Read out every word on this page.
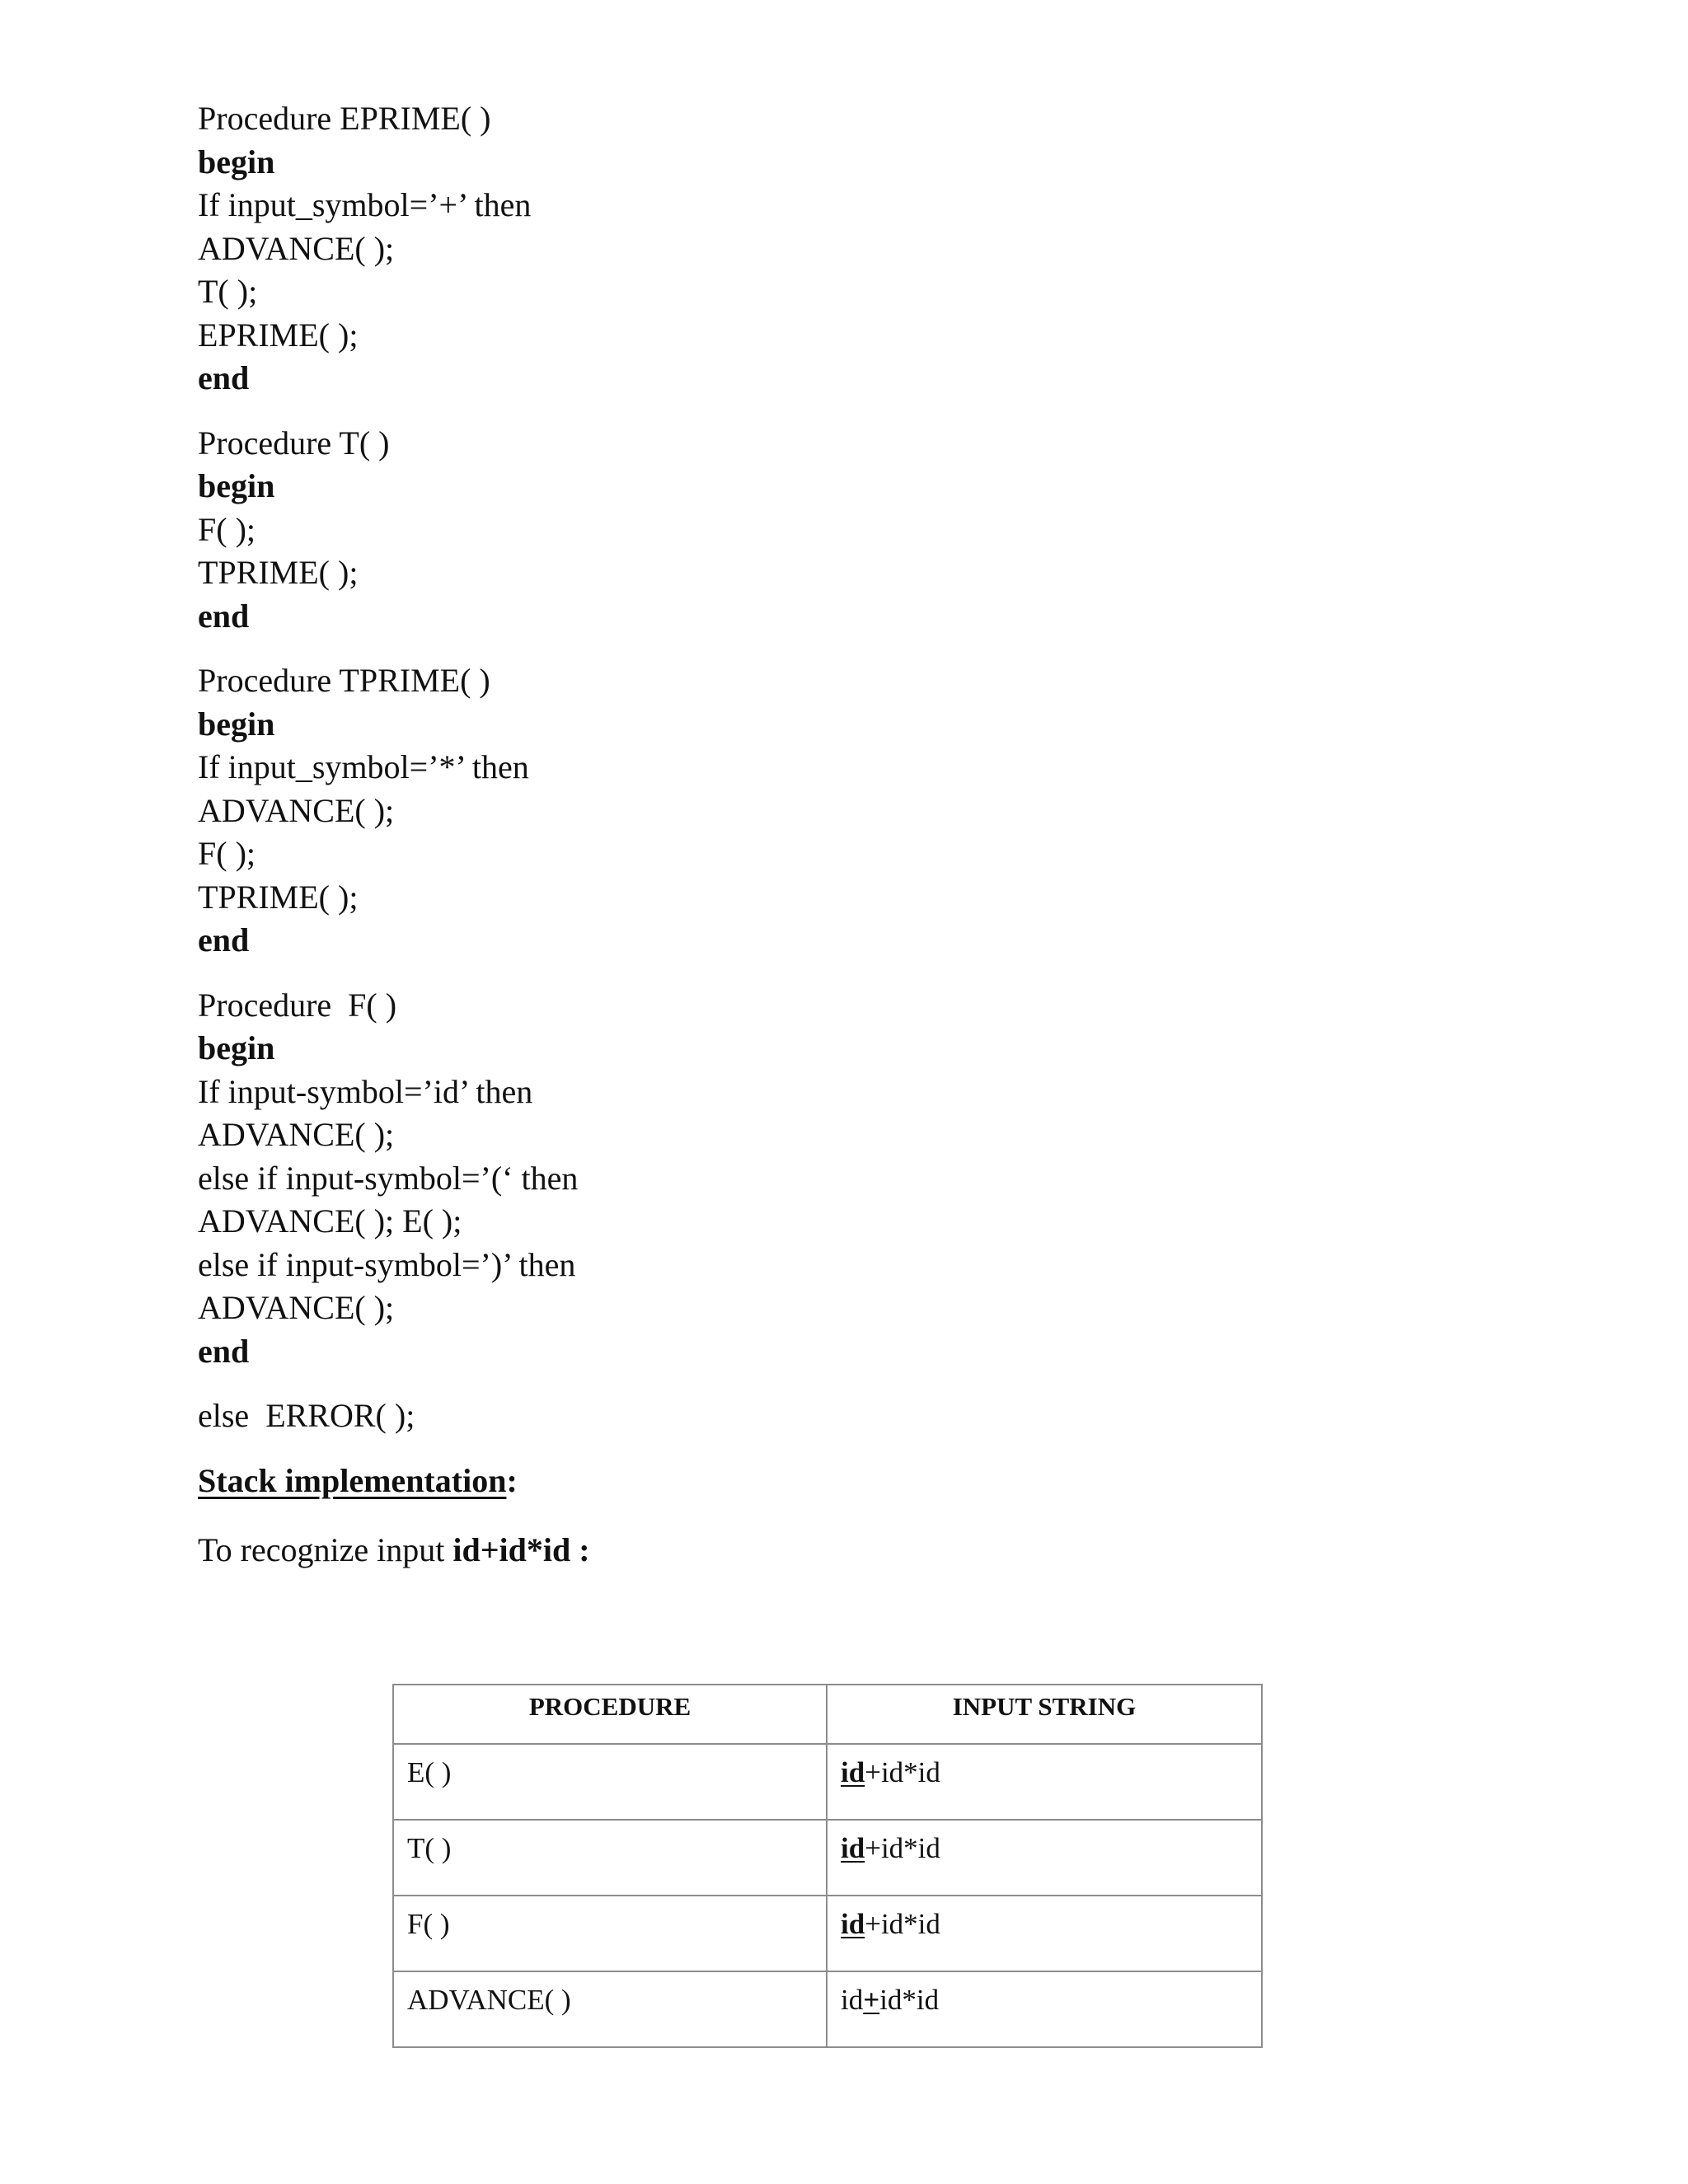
Procedure EPRIME( )
begin
If input_symbol=’+’ then
ADVANCE( );
T( );
EPRIME( );
end
Procedure T( )
begin
F( );
TPRIME( );
end
Procedure TPRIME( )
begin
If input_symbol=’*’ then
ADVANCE( );
F( );
TPRIME( );
end
Procedure  F( )
begin
If input-symbol=’id’ then
ADVANCE( );
else if input-symbol=’(‘ then
ADVANCE( ); E( );
else if input-symbol=’)’ then
ADVANCE( );
end
else  ERROR( );
Stack implementation:
To recognize input id+id*id :
PROCEDURE	INPUT STRING
E( )	id+id*id
T( )	id+id*id
F( )	id+id*id
ADVANCE( )	id+id*id
